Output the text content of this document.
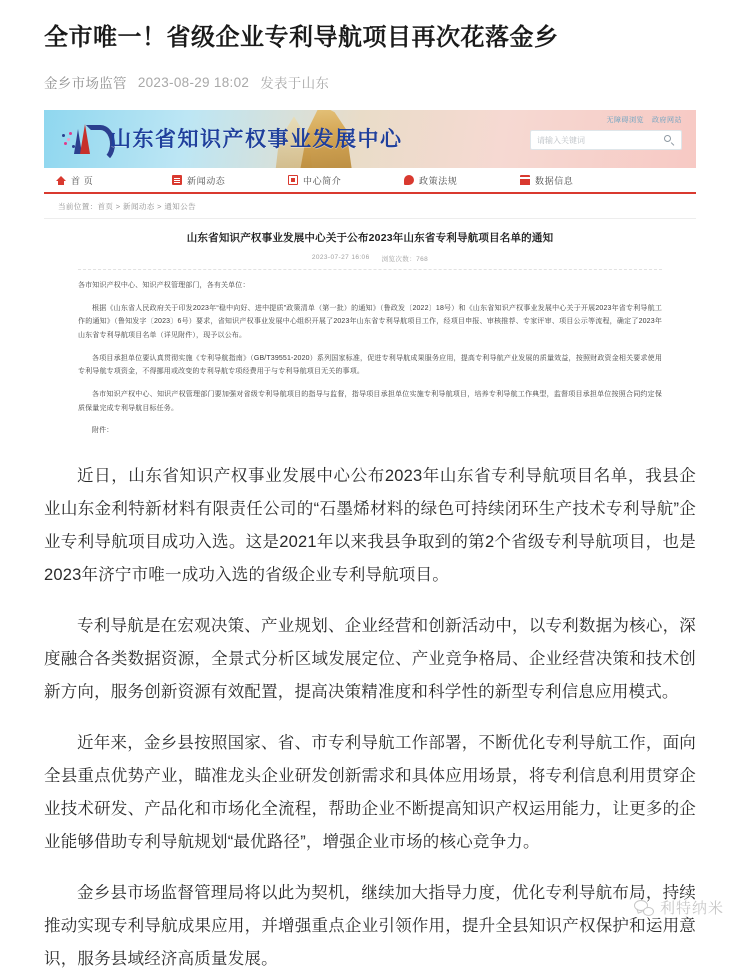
全市唯一！省级企业专利导航项目再次花落金乡
金乡市场监管 2023-08-29 18:02 发表于山东
山东省知识产权事业发展中心
无障碍浏览 政府网站
请输入关键词
首 页	新闻动态	中心简介	政策法规	数据信息
当前位置：首页 > 新闻动态 > 通知公告
山东省知识产权事业发展中心关于公布2023年山东省专利导航项目名单的通知
2023-07-27 16:06 浏览次数：768

各市知识产权中心、知识产权管理部门，各有关单位：

根据《山东省人民政府关于印发2023年“稳中向好、进中提质”政策清单（第一批）的通知》（鲁政发〔2022〕18号）和《山东省知识产权事业发展中心关于开展2023年省专利导航工作的通知》（鲁知发字〔2023〕6号）要求，省知识产权事业发展中心组织开展了2023年山东省专利导航项目工作，经项目申报、审核推荐、专家评审、项目公示等流程，确定了2023年山东省专利导航项目名单（详见附件），现予以公布。

各项目承担单位要认真贯彻实施《专利导航指南》（GB/T39551-2020）系列国家标准，促进专利导航成果服务应用，提高专利导航产业发展的质量效益，按照财政资金相关要求使用专利导航专项资金，不得挪用或改变的专利导航专项经费用于与专利导航项目无关的事项。

各市知识产权中心、知识产权管理部门要加强对省级专利导航项目的指导与监督，指导项目承担单位实施专利导航项目，培养专利导航工作典型，监督项目承担单位按照合同约定保质保量完成专利导航目标任务。

附件：

近日，山东省知识产权事业发展中心公布2023年山东省专利导航项目名单，我县企业山东金利特新材料有限责任公司的“石墨烯材料的绿色可持续闭环生产技术专利导航”企业专利导航项目成功入选。这是2021年以来我县争取到的第2个省级专利导航项目，也是2023年济宁市唯一成功入选的省级企业专利导航项目。

专利导航是在宏观决策、产业规划、企业经营和创新活动中，以专利数据为核心，深度融合各类数据资源，全景式分析区域发展定位、产业竞争格局、企业经营决策和技术创新方向，服务创新资源有效配置，提高决策精准度和科学性的新型专利信息应用模式。

近年来，金乡县按照国家、省、市专利导航工作部署，不断优化专利导航工作，面向全县重点优势产业，瞄准龙头企业研发创新需求和具体应用场景，将专利信息利用贯穿企业技术研发、产品化和市场化全流程，帮助企业不断提高知识产权运用能力，让更多的企业能够借助专利导航规划“最优路径”，增强企业市场的核心竞争力。

金乡县市场监督管理局将以此为契机，继续加大指导力度，优化专利导航布局，持续推动实现专利导航成果应用，并增强重点企业引领作用，提升全县知识产权保护和运用意识，服务县域经济高质量发展。

利特纳米
